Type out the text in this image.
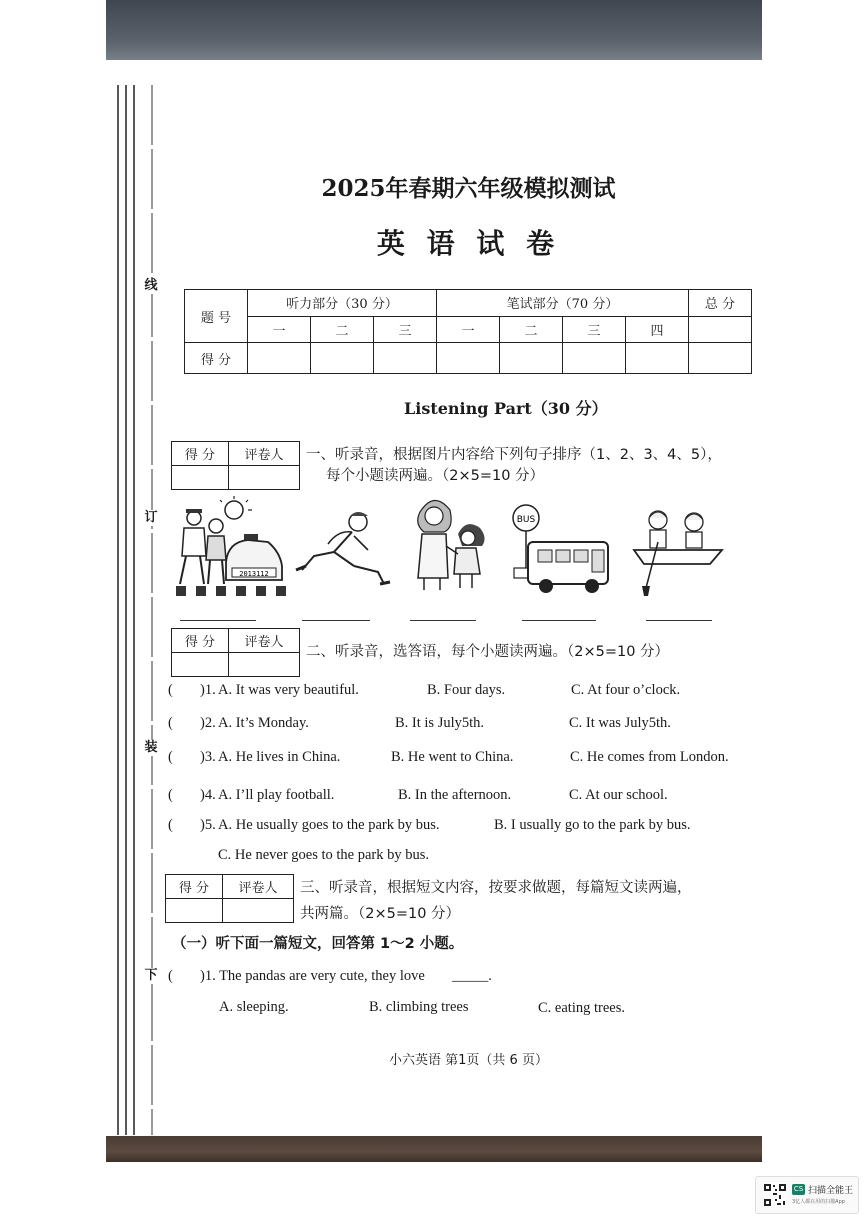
线
订
装
下
2025年春期六年级模拟测试
英 语 试 卷
题 号	听力部分（30 分）			笔试部分（70 分）				总 分
	一	二	三	一	二	三	四	
得 分								
Listening Part（30 分）
得 分	评卷人
	一、听录音，根据图片内容给下列句子排序（1、2、3、4、5），
每个小题读两遍。（2×5=10 分）
2013112
BUS
得 分	评卷人

二、听录音，选答语，每个小题读两遍。（2×5=10 分）
( )1. A. It was very beautiful.	B. Four days.	C. At four o’clock.
( )2. A. It’s Monday.	B. It is July5th.	C. It was July5th.
( )3. A. He lives in China.	B. He went to China.	C. He comes from London.
( )4. A. I’ll play football.	B. In the afternoon.	C. At our school.
( )5. A. He usually goes to the park by bus.	B. I usually go to the park by bus.
C. He never goes to the park by bus.
得 分	评卷人
	三、听录音，根据短文内容，按要求做题，每篇短文读两遍，
共两篇。（2×5=10 分）
（一）听下面一篇短文，回答第 1～2 小题。
( )1. The pandas are very cute, they love _____.
A. sleeping.	B. climbing trees	C. eating trees.
小六英语 第1页（共 6 页）
CS 扫描全能王
3亿人都在用的扫描App
